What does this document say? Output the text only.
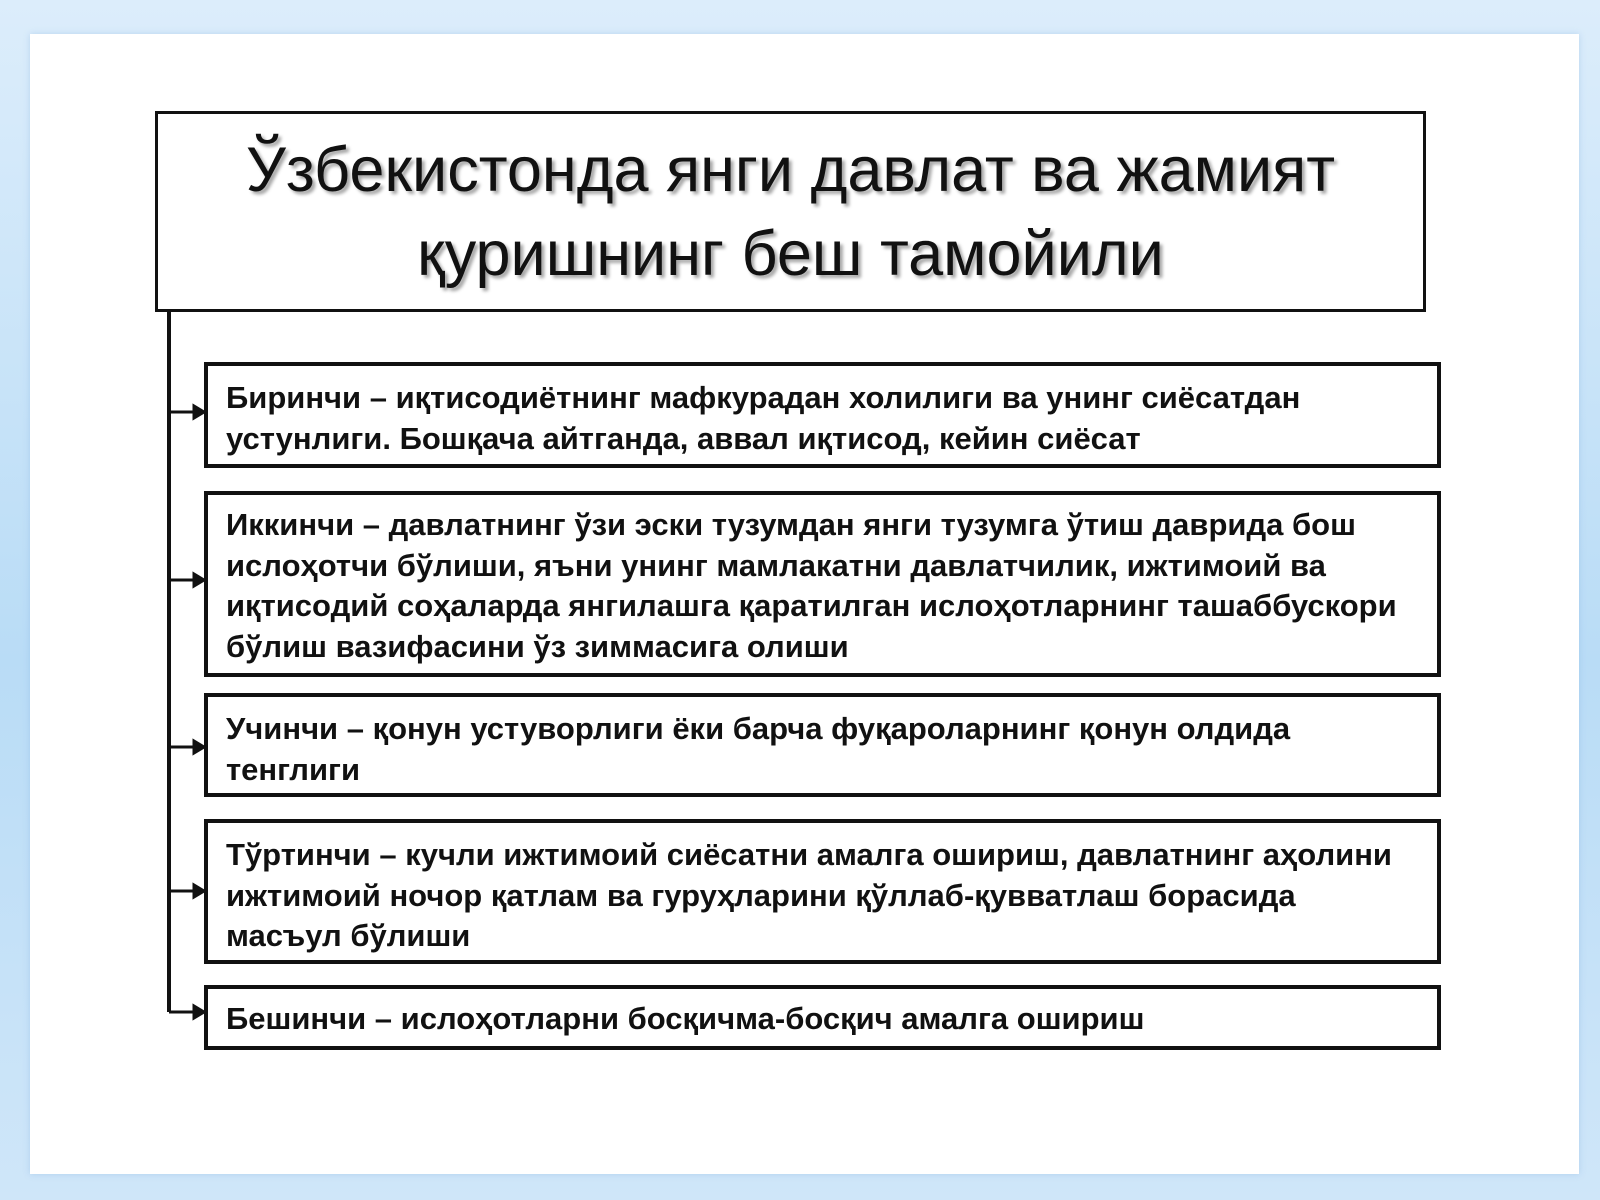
Ўзбекистонда янги давлат ва жамият қуришнинг беш тамойили
Биринчи – иқтисодиётнинг мафкурадан холилиги ва унинг сиёсатдан устунлиги. Бошқача айтганда, аввал иқтисод, кейин сиёсат
Иккинчи – давлатнинг ўзи эски тузумдан янги тузумга ўтиш даврида бош ислоҳотчи бўлиши, яъни унинг мамлакатни давлатчилик, ижтимоий ва иқтисодий соҳаларда янгилашга қаратилган ислоҳотларнинг ташаббускори бўлиш вазифасини ўз зиммасига олиши
Учинчи – қонун устуворлиги ёки барча фуқароларнинг қонун олдида тенглиги
Тўртинчи – кучли ижтимоий сиёсатни амалга ошириш, давлатнинг аҳолини ижтимоий ночор қатлам ва гуруҳларини қўллаб-қувватлаш борасида масъул бўлиши
Бешинчи – ислоҳотларни босқичма-босқич амалга ошириш
